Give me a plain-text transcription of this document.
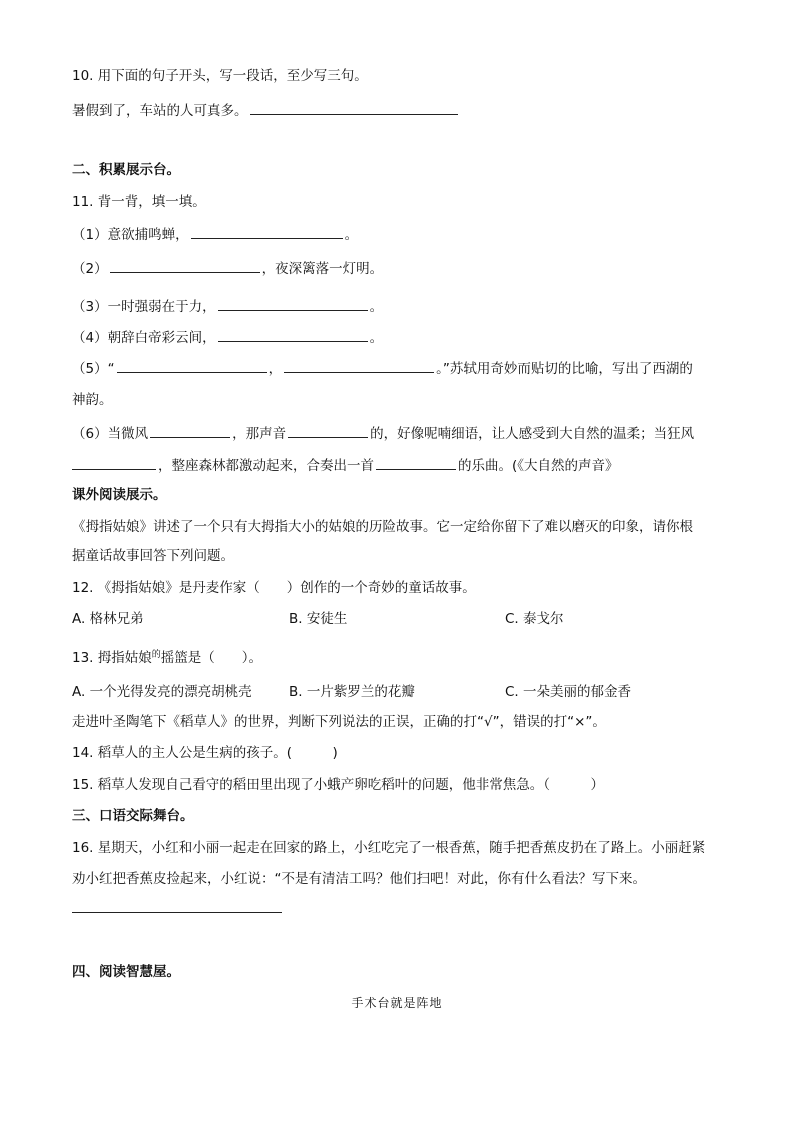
10. 用下面的句子开头，写一段话，至少写三句。
暑假到了，车站的人可真多。
二、积累展示台。
11. 背一背，填一填。
（1）意欲捕鸣蝉，	。
（2）	，夜深篱落一灯明。
（3）一时强弱在于力，	。
（4）朝辞白帝彩云间，	。
（5）“	，	。”苏轼用奇妙而贴切的比喻，写出了西湖的
神韵。
（6）当微风	，那声音	的，好像呢喃细语，让人感受到大自然的温柔；当狂风
，整座森林都激动起来，合奏出一首	的乐曲。(《大自然的声音》
课外阅读展示。
《拇指姑娘》讲述了一个只有大拇指大小的姑娘的历险故事。它一定给你留下了难以磨灭的印象，请你根
据童话故事回答下列问题。
12. 《拇指姑娘》是丹麦作家（　　）创作的一个奇妙的童话故事。
A. 格林兄弟	B. 安徒生	C. 泰戈尔
13. 拇指姑娘$^的$摇篮是（　　）。
A. 一个光得发亮的漂亮胡桃壳	B. 一片紫罗兰的花瓣	C. 一朵美丽的郁金香
走进叶圣陶笔下《稻草人》的世界，判断下列说法的正误，正确的打“√”，错误的打“×”。
14. 稻草人的主人公是生病的孩子。(　　　)
15. 稻草人发现自己看守的稻田里出现了小蛾产卵吃稻叶的问题，他非常焦急。（　　　）
三、口语交际舞台。
16. 星期天，小红和小丽一起走在回家的路上，小红吃完了一根香蕉，随手把香蕉皮扔在了路上。小丽赶紧
劝小红把香蕉皮捡起来，小红说：“不是有清洁工吗？他们扫吧！对此，你有什么看法？写下来。
四、阅读智慧屋。
手术台就是阵地
